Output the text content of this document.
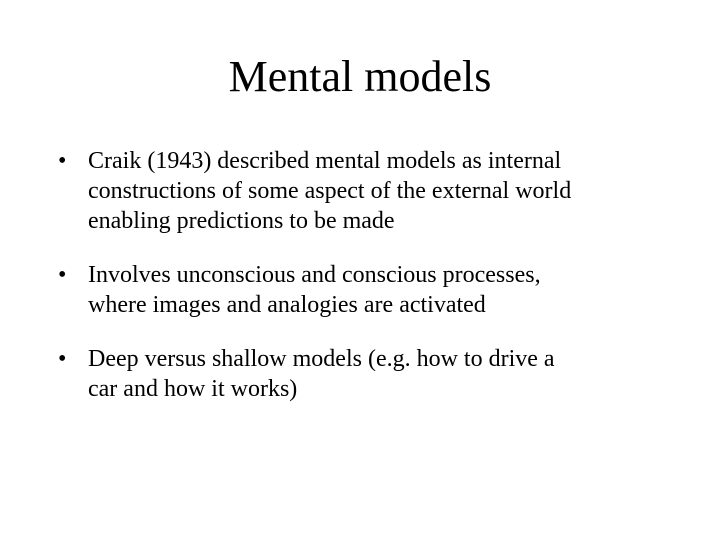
Mental models
• Craik (1943) described mental models as internal
constructions of some aspect of the external world
enabling predictions to be made
• Involves unconscious and conscious processes,
where images and analogies are activated
• Deep versus shallow models (e.g. how to drive a
car and how it works)
